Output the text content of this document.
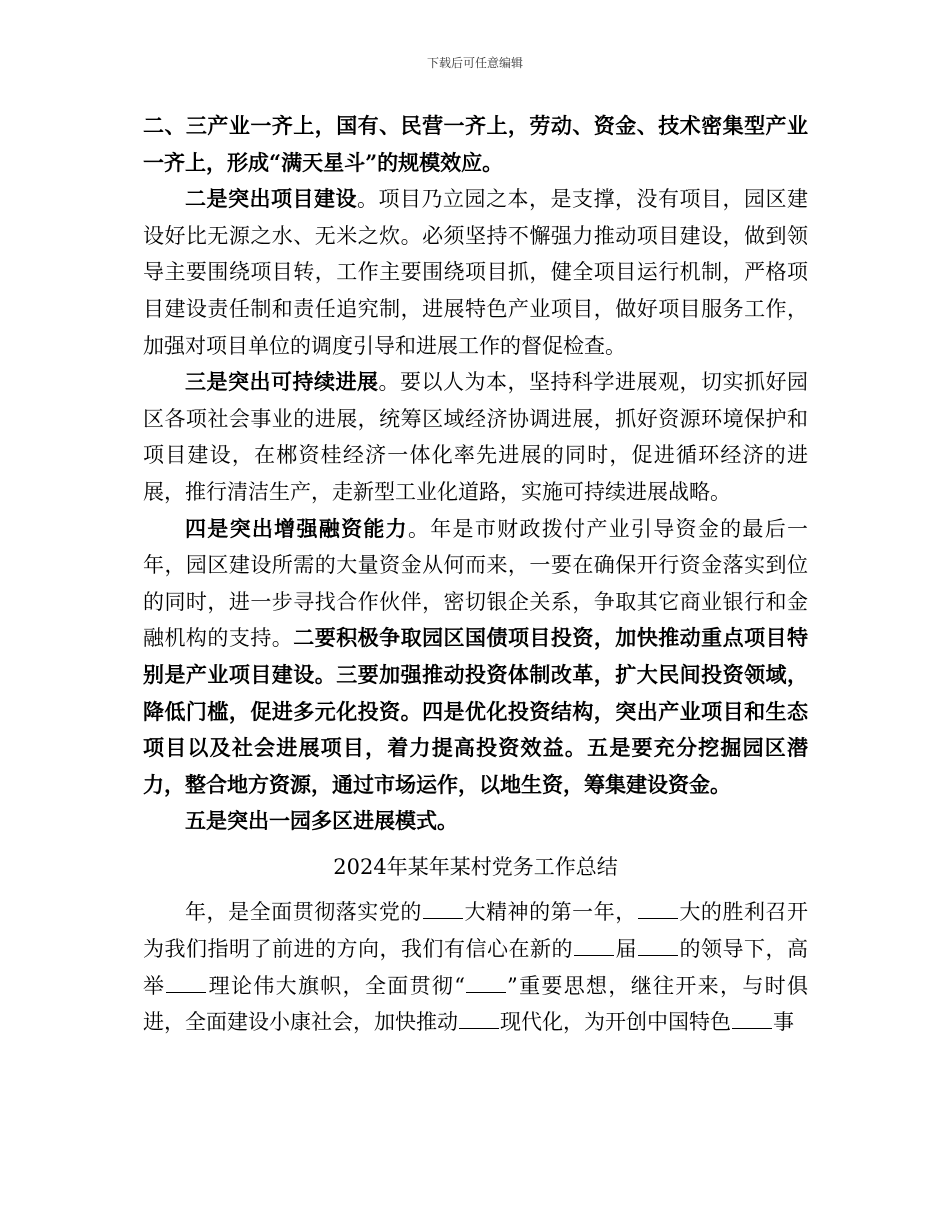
下载后可任意编辑

二、三产业一齐上，国有、民营一齐上，劳动、资金、技术密集型产业一齐上，形成“满天星斗”的规模效应。

二是突出项目建设。项目乃立园之本，是支撑，没有项目，园区建设好比无源之水、无米之炊。必须坚持不懈强力推动项目建设，做到领导主要围绕项目转，工作主要围绕项目抓，健全项目运行机制，严格项目建设责任制和责任追究制，进展特色产业项目，做好项目服务工作，加强对项目单位的调度引导和进展工作的督促检查。

三是突出可持续进展。要以人为本，坚持科学进展观，切实抓好园区各项社会事业的进展，统筹区域经济协调进展，抓好资源环境保护和项目建设，在郴资桂经济一体化率先进展的同时，促进循环经济的进展，推行清洁生产，走新型工业化道路，实施可持续进展战略。

四是突出增强融资能力。年是市财政拨付产业引导资金的最后一年，园区建设所需的大量资金从何而来，一要在确保开行资金落实到位的同时，进一步寻找合作伙伴，密切银企关系，争取其它商业银行和金融机构的支持。二要积极争取园区国债项目投资，加快推动重点项目特别是产业项目建设。三要加强推动投资体制改革，扩大民间投资领域，降低门槛，促进多元化投资。四是优化投资结构，突出产业项目和生态项目以及社会进展项目，着力提高投资效益。五是要充分挖掘园区潜力，整合地方资源，通过市场运作，以地生资，筹集建设资金。

五是突出一园多区进展模式。

2024年某年某村党务工作总结

年，是全面贯彻落实党的 大精神的第一年， 大的胜利召开为我们指明了前进的方向，我们有信心在新的 届 的领导下，高举 理论伟大旗帜，全面贯彻“ ”重要思想，继往开来，与时俱进，全面建设小康社会，加快推动 现代化，为开创中国特色 事
